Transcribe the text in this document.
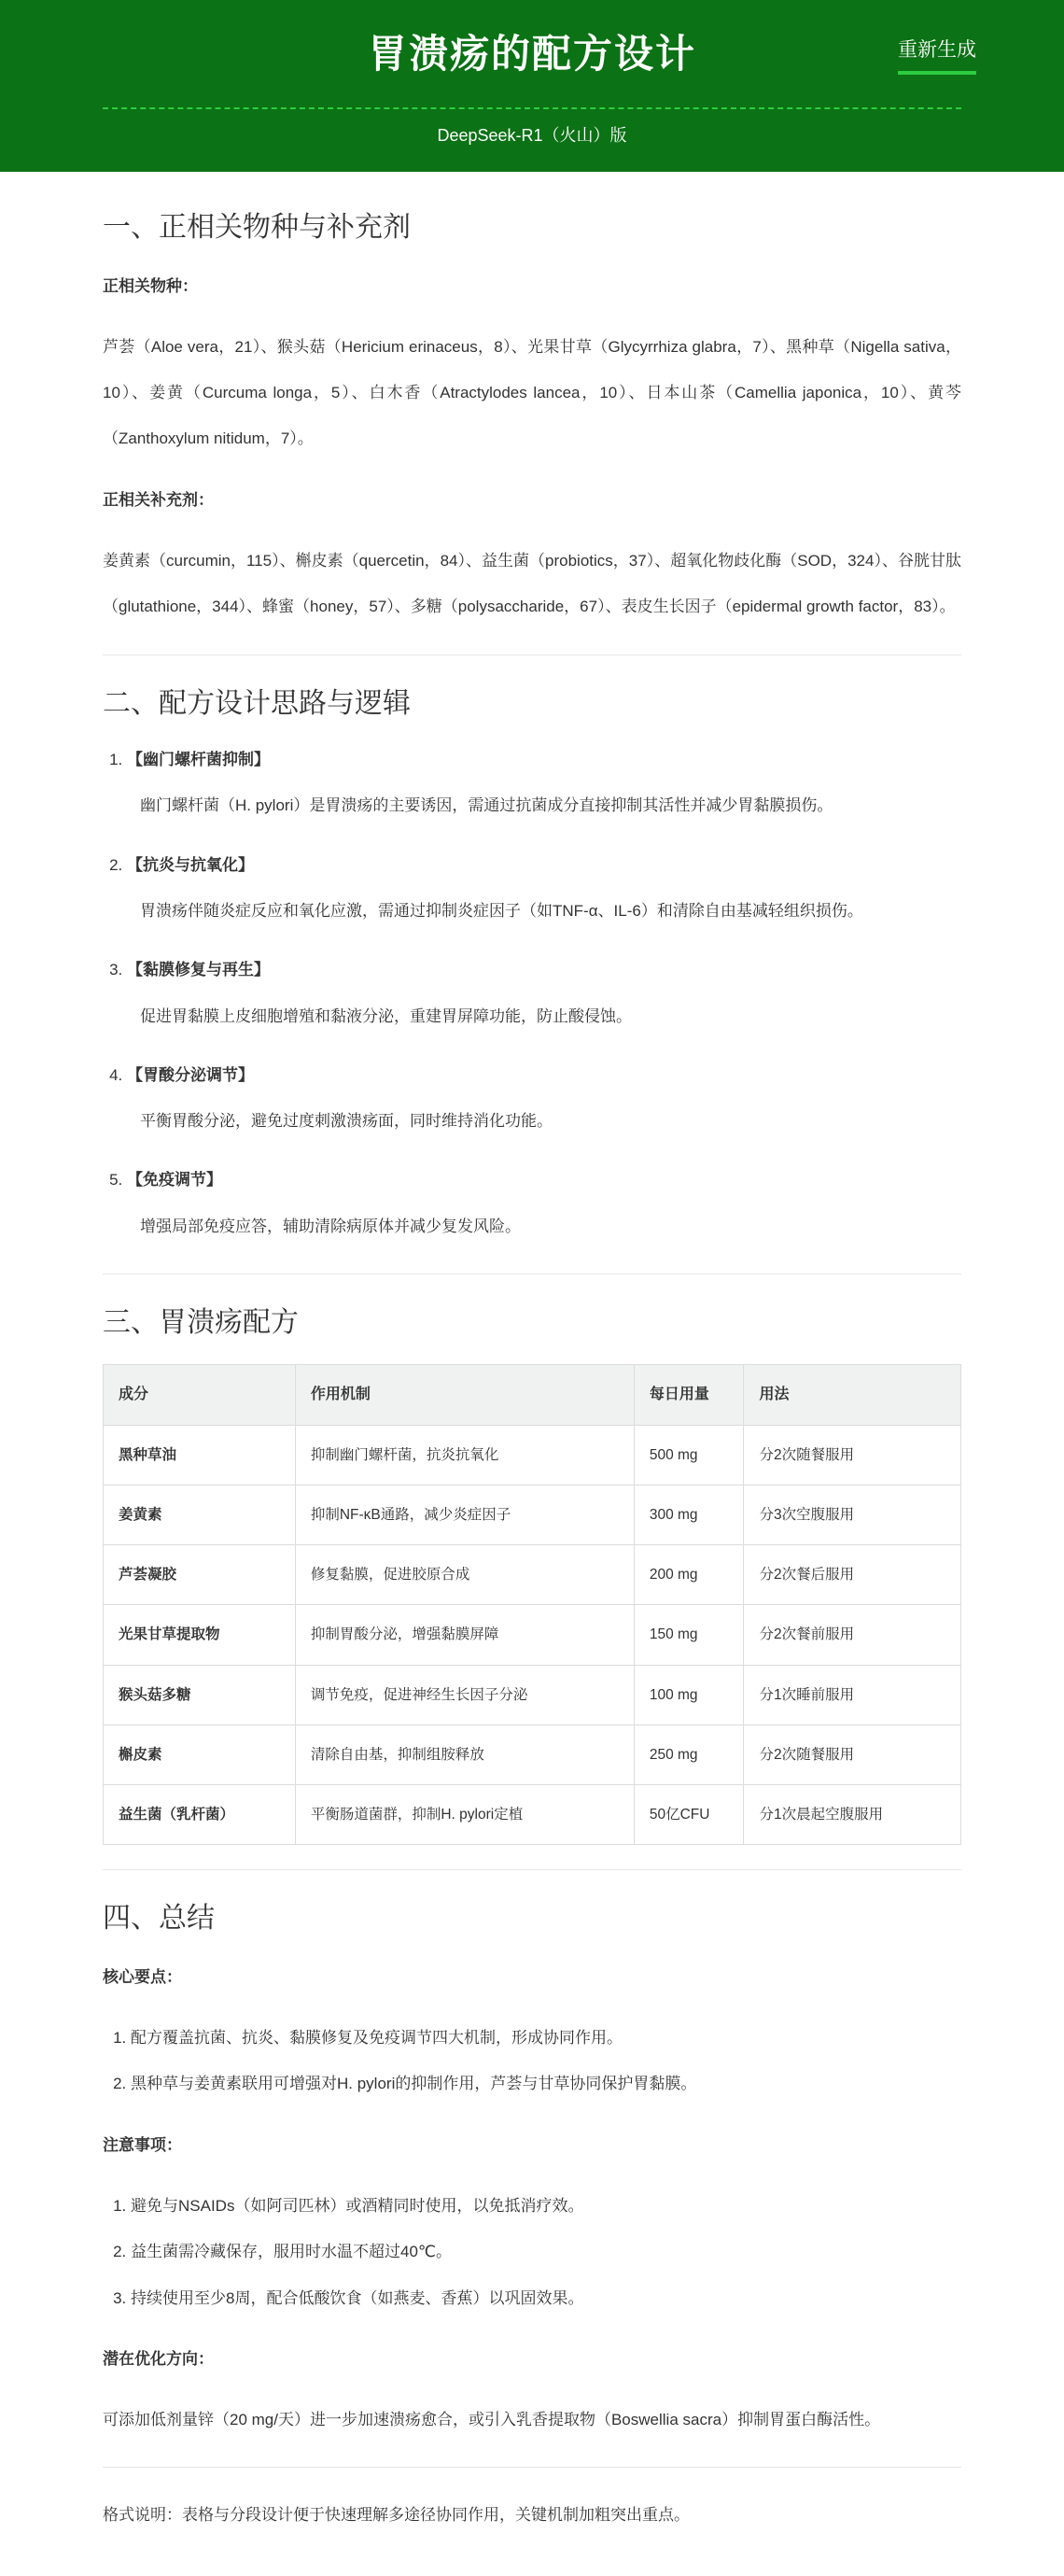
胃溃疡的配方设计	重新生成

DeepSeek-R1（火山）版

一、正相关物种与补充剂

正相关物种：

芦荟（Aloe vera，21）、猴头菇（Hericium erinaceus，8）、光果甘草（Glycyrrhiza glabra，7）、黑种草（Nigella sativa，10）、姜黄（Curcuma longa，5）、白木香（Atractylodes lancea，10）、日本山茶（Camellia japonica，10）、黄芩（Zanthoxylum nitidum，7）。

正相关补充剂：

姜黄素（curcumin，115）、槲皮素（quercetin，84）、益生菌（probiotics，37）、超氧化物歧化酶（SOD，324）、谷胱甘肽（glutathione，344）、蜂蜜（honey，57）、多糖（polysaccharide，67）、表皮生长因子（epidermal growth factor，83）。

二、配方设计思路与逻辑
1. 【幽门螺杆菌抑制】

幽门螺杆菌（H. pylori）是胃溃疡的主要诱因，需通过抗菌成分直接抑制其活性并减少胃黏膜损伤。

2. 【抗炎与抗氧化】

胃溃疡伴随炎症反应和氧化应激，需通过抑制炎症因子（如TNF-α、IL-6）和清除自由基减轻组织损伤。

3. 【黏膜修复与再生】

促进胃黏膜上皮细胞增殖和黏液分泌，重建胃屏障功能，防止酸侵蚀。

4. 【胃酸分泌调节】

平衡胃酸分泌，避免过度刺激溃疡面，同时维持消化功能。

5. 【免疫调节】

增强局部免疫应答，辅助清除病原体并减少复发风险。

三、胃溃疡配方
成分	作用机制	每日用量	用法
黑种草油	抑制幽门螺杆菌，抗炎抗氧化	500 mg	分2次随餐服用
姜黄素	抑制NF-κB通路，减少炎症因子	300 mg	分3次空腹服用
芦荟凝胶	修复黏膜，促进胶原合成	200 mg	分2次餐后服用
光果甘草提取物	抑制胃酸分泌，增强黏膜屏障	150 mg	分2次餐前服用
猴头菇多糖	调节免疫，促进神经生长因子分泌	100 mg	分1次睡前服用
槲皮素	清除自由基，抑制组胺释放	250 mg	分2次随餐服用
益生菌（乳杆菌）	平衡肠道菌群，抑制H. pylori定植	50亿CFU	分1次晨起空腹服用
四、总结

核心要点：

1. 配方覆盖抗菌、抗炎、黏膜修复及免疫调节四大机制，形成协同作用。
2. 黑种草与姜黄素联用可增强对H. pylori的抑制作用，芦荟与甘草协同保护胃黏膜。

注意事项：

1. 避免与NSAIDs（如阿司匹林）或酒精同时使用，以免抵消疗效。
2. 益生菌需冷藏保存，服用时水温不超过40℃。
3. 持续使用至少8周，配合低酸饮食（如燕麦、香蕉）以巩固效果。

潜在优化方向：

可添加低剂量锌（20 mg/天）进一步加速溃疡愈合，或引入乳香提取物（Boswellia sacra）抑制胃蛋白酶活性。

格式说明：表格与分段设计便于快速理解多途径协同作用，关键机制加粗突出重点。
